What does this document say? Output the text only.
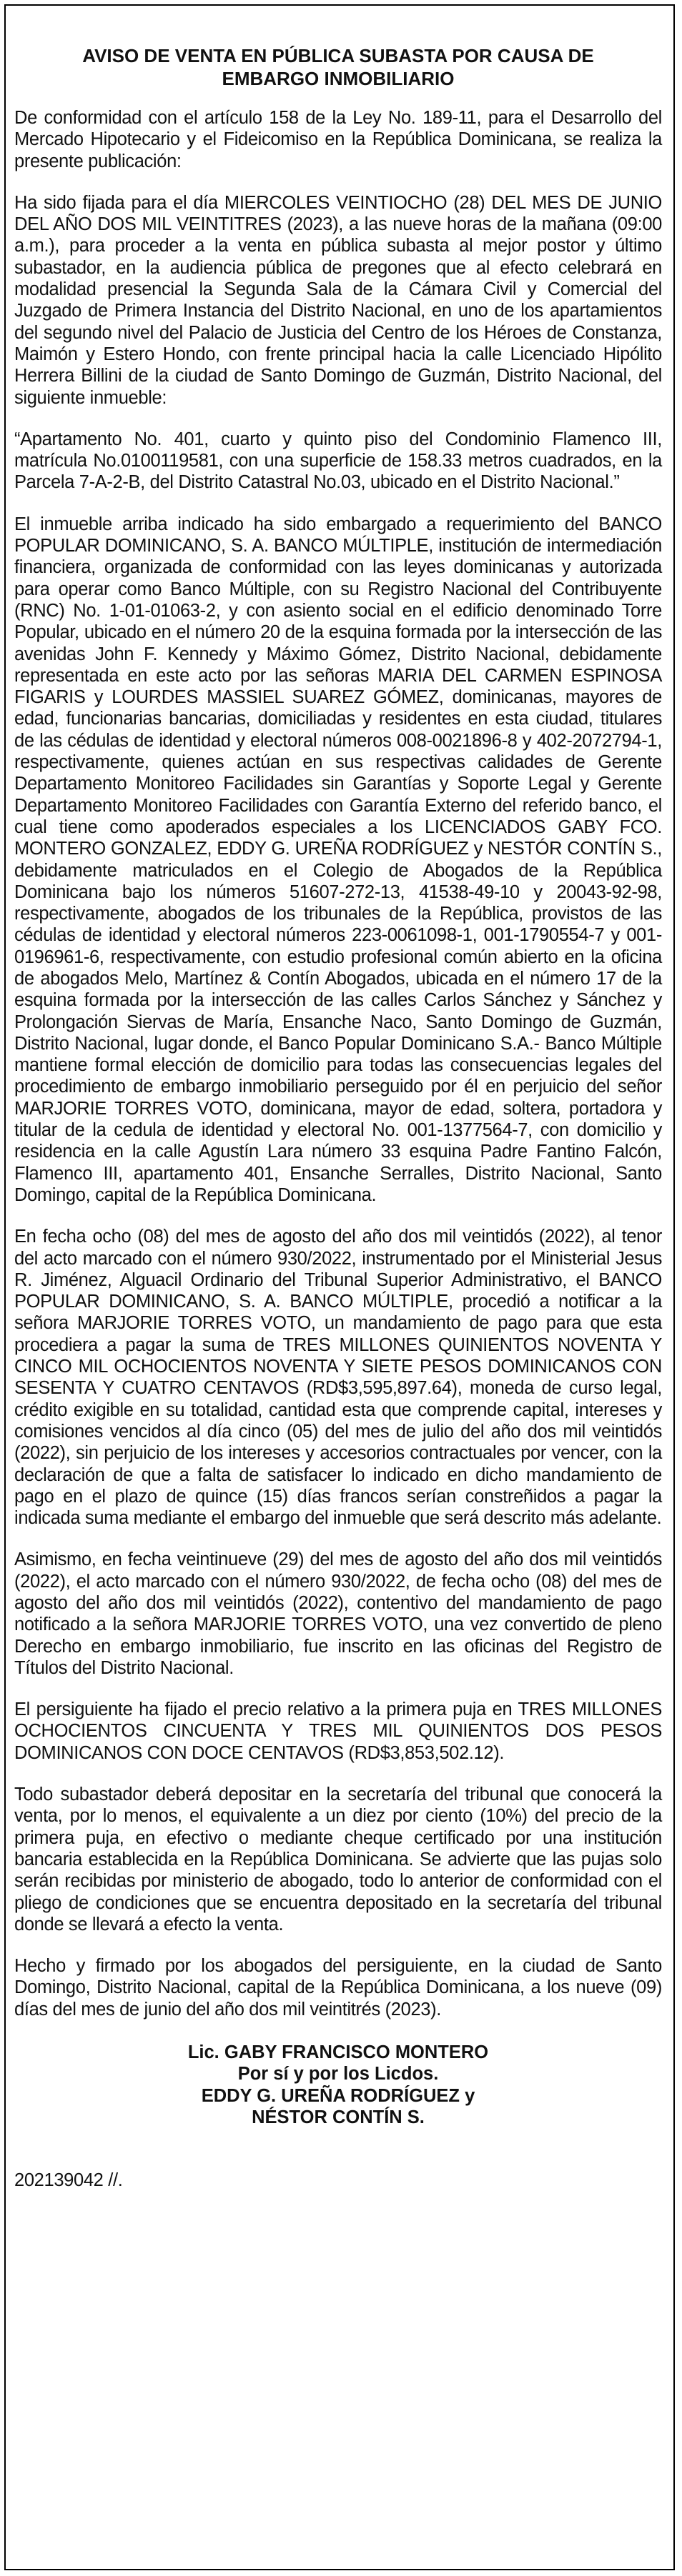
AVISO DE VENTA EN PÚBLICA SUBASTA POR CAUSA DE
EMBARGO INMOBILIARIO

De conformidad con el artículo 158 de la Ley No. 189-11, para el Desarrollo del Mercado Hipotecario y el Fideicomiso en la República Dominicana, se realiza la presente publicación:

Ha sido fijada para el día MIERCOLES VEINTIOCHO (28) DEL MES DE JUNIO DEL AÑO DOS MIL VEINTITRES (2023), a las nueve horas de la mañana (09:00 a.m.), para proceder a la venta en pública subasta al mejor postor y último subastador, en la audiencia pública de pregones que al efecto celebrará en modalidad presencial la Segunda Sala de la Cámara Civil y Comercial del Juzgado de Primera Instancia del Distrito Nacional, en uno de los apartamientos del segundo nivel del Palacio de Justicia del Centro de los Héroes de Constanza, Maimón y Estero Hondo, con frente principal hacia la calle Licenciado Hipólito Herrera Billini de la ciudad de Santo Domingo de Guzmán, Distrito Nacional, del siguiente inmueble:

“Apartamento No. 401, cuarto y quinto piso del Condominio Flamenco III, matrícula No.0100119581, con una superficie de 158.33 metros cuadrados, en la Parcela 7-A-2-B, del Distrito Catastral No.03, ubicado en el Distrito Nacional.”

El inmueble arriba indicado ha sido embargado a requerimiento del BANCO POPULAR DOMINICANO, S. A. BANCO MÚLTIPLE, institución de intermediación financiera, organizada de conformidad con las leyes dominicanas y autorizada para operar como Banco Múltiple, con su Registro Nacional del Contribuyente (RNC) No. 1-01-01063-2, y con asiento social en el edificio denominado Torre Popular, ubicado en el número 20 de la esquina formada por la intersección de las avenidas John F. Kennedy y Máximo Gómez, Distrito Nacional, debidamente representada en este acto por las señoras MARIA DEL CARMEN ESPINOSA FIGARIS y LOURDES MASSIEL SUAREZ GÓMEZ, dominicanas, mayores de edad, funcionarias bancarias, domiciliadas y residentes en esta ciudad, titulares de las cédulas de identidad y electoral números 008-0021896-8 y 402-2072794-1, respectivamente, quienes actúan en sus respectivas calidades de Gerente Departamento Monitoreo Facilidades sin Garantías y Soporte Legal y Gerente Departamento Monitoreo Facilidades con Garantía Externo del referido banco, el cual tiene como apoderados especiales a los LICENCIADOS GABY FCO. MONTERO GONZALEZ, EDDY G. UREÑA RODRÍGUEZ y NESTÓR CONTÍN S., debidamente matriculados en el Colegio de Abogados de la República Dominicana bajo los números 51607-272-13, 41538-49-10 y 20043-92-98, respectivamente, abogados de los tribunales de la República, provistos de las cédulas de identidad y electoral números 223-0061098-1, 001-1790554-7 y 001-0196961-6, respectivamente, con estudio profesional común abierto en la oficina de abogados Melo, Martínez & Contín Abogados, ubicada en el número 17 de la esquina formada por la intersección de las calles Carlos Sánchez y Sánchez y Prolongación Siervas de María, Ensanche Naco, Santo Domingo de Guzmán, Distrito Nacional, lugar donde, el Banco Popular Dominicano S.A.- Banco Múltiple mantiene formal elección de domicilio para todas las consecuencias legales del procedimiento de embargo inmobiliario perseguido por él en perjuicio del señor MARJORIE TORRES VOTO, dominicana, mayor de edad, soltera, portadora y titular de la cedula de identidad y electoral No. 001-1377564-7, con domicilio y residencia en la calle Agustín Lara número 33 esquina Padre Fantino Falcón, Flamenco III, apartamento 401, Ensanche Serralles, Distrito Nacional, Santo Domingo, capital de la República Dominicana.

En fecha ocho (08) del mes de agosto del año dos mil veintidós (2022), al tenor del acto marcado con el número 930/2022, instrumentado por el Ministerial Jesus R. Jiménez, Alguacil Ordinario del Tribunal Superior Administrativo, el BANCO POPULAR DOMINICANO, S. A. BANCO MÚLTIPLE, procedió a notificar a la señora MARJORIE TORRES VOTO, un mandamiento de pago para que esta procediera a pagar la suma de TRES MILLONES QUINIENTOS NOVENTA Y CINCO MIL OCHOCIENTOS NOVENTA Y SIETE PESOS DOMINICANOS CON SESENTA Y CUATRO CENTAVOS (RD$3,595,897.64), moneda de curso legal, crédito exigible en su totalidad, cantidad esta que comprende capital, intereses y comisiones vencidos al día cinco (05) del mes de julio del año dos mil veintidós (2022), sin perjuicio de los intereses y accesorios contractuales por vencer, con la declaración de que a falta de satisfacer lo indicado en dicho mandamiento de pago en el plazo de quince (15) días francos serían constreñidos a pagar la indicada suma mediante el embargo del inmueble que será descrito más adelante.

Asimismo, en fecha veintinueve (29) del mes de agosto del año dos mil veintidós (2022), el acto marcado con el número 930/2022, de fecha ocho (08) del mes de agosto del año dos mil veintidós (2022), contentivo del mandamiento de pago notificado a la señora MARJORIE TORRES VOTO, una vez convertido de pleno Derecho en embargo inmobiliario, fue inscrito en las oficinas del Registro de Títulos del Distrito Nacional.

El persiguiente ha fijado el precio relativo a la primera puja en TRES MILLONES OCHOCIENTOS CINCUENTA Y TRES MIL QUINIENTOS DOS PESOS DOMINICANOS CON DOCE CENTAVOS (RD$3,853,502.12).

Todo subastador deberá depositar en la secretaría del tribunal que conocerá la venta, por lo menos, el equivalente a un diez por ciento (10%) del precio de la primera puja, en efectivo o mediante cheque certificado por una institución bancaria establecida en la República Dominicana. Se advierte que las pujas solo serán recibidas por ministerio de abogado, todo lo anterior de conformidad con el pliego de condiciones que se encuentra depositado en la secretaría del tribunal donde se llevará a efecto la venta.

Hecho y firmado por los abogados del persiguiente, en la ciudad de Santo Domingo, Distrito Nacional, capital de la República Dominicana, a los nueve (09) días del mes de junio del año dos mil veintitrés (2023).

Lic. GABY FRANCISCO MONTERO
Por sí y por los Licdos.
EDDY G. UREÑA RODRÍGUEZ y
NÉSTOR CONTÍN S.
202139042 //.
